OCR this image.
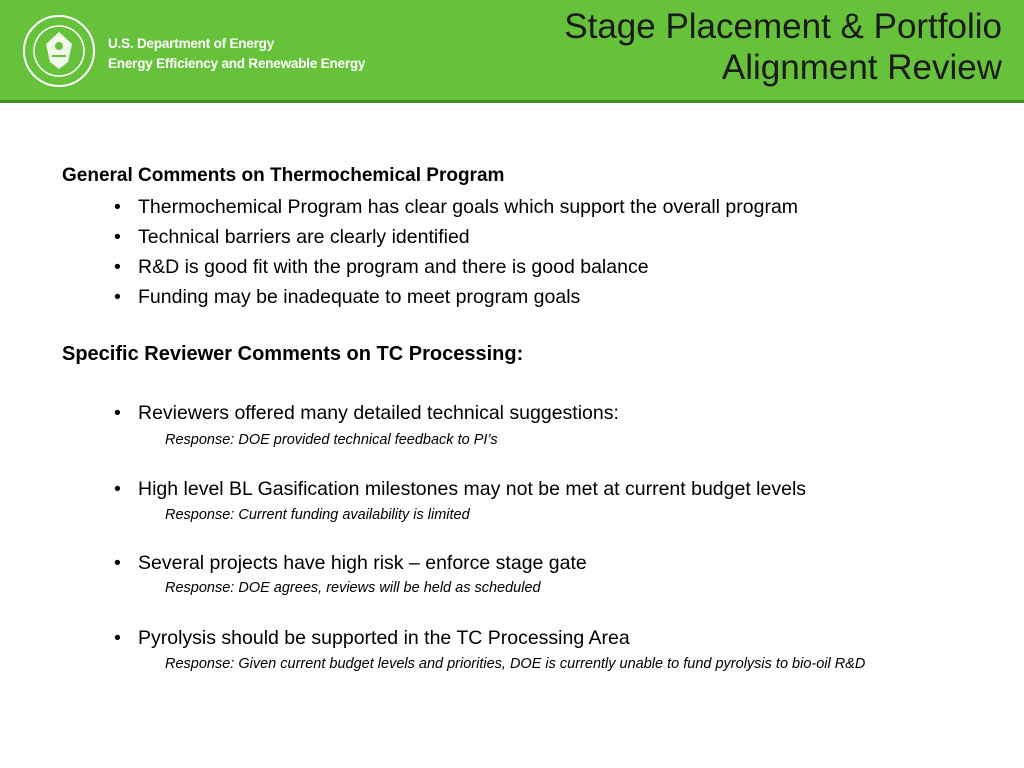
U.S. Department of Energy
Energy Efficiency and Renewable Energy
Stage Placement & Portfolio
Alignment Review
General Comments on Thermochemical Program
• Thermochemical Program has clear goals which support the overall program
• Technical barriers are clearly identified
• R&D is good fit with the program and there is good balance
• Funding may be inadequate to meet program goals
Specific Reviewer Comments on TC Processing:
• Reviewers offered many detailed technical suggestions:
Response: DOE provided technical feedback to PI’s
• High level BL Gasification milestones may not be met at current budget levels
Response: Current funding availability is limited
• Several projects have high risk – enforce stage gate
Response: DOE agrees, reviews will be held as scheduled
• Pyrolysis should be supported in the TC Processing Area
Response: Given current budget levels and priorities, DOE is currently unable to fund pyrolysis to bio-oil R&D
